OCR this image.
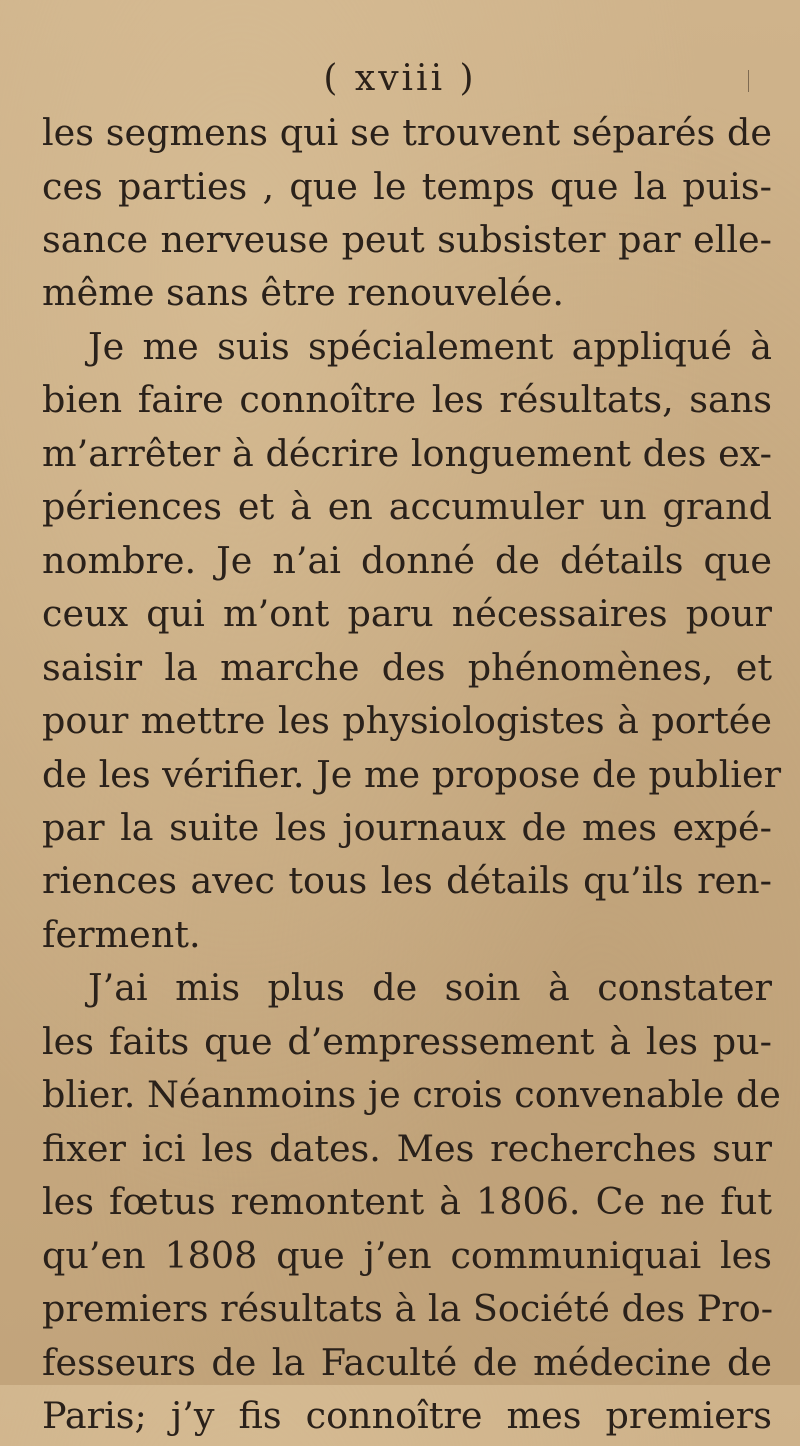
( xviii )
les segmens qui se trouvent séparés de
ces parties , que le temps que la puis-
sance nerveuse peut subsister par elle-
même sans être renouvelée.
Je me suis spécialement appliqué à
bien faire connoître les résultats, sans
m’arrêter à décrire longuement des ex-
périences et à en accumuler un grand
nombre. Je n’ai donné de détails que
ceux qui m’ont paru nécessaires pour
saisir la marche des phénomènes, et
pour mettre les physiologistes à portée
de les vérifier. Je me propose de publier
par la suite les journaux de mes expé-
riences avec tous les détails qu’ils ren-
ferment.
J’ai mis plus de soin à constater
les faits que d’empressement à les pu-
blier. Néanmoins je crois convenable de
fixer ici les dates. Mes recherches sur
les fœtus remontent à 1806. Ce ne fut
qu’en 1808 que j’en communiquai les
premiers résultats à la Société des Pro-
fesseurs de la Faculté de médecine de
Paris; j’y fis connoître mes premiers
